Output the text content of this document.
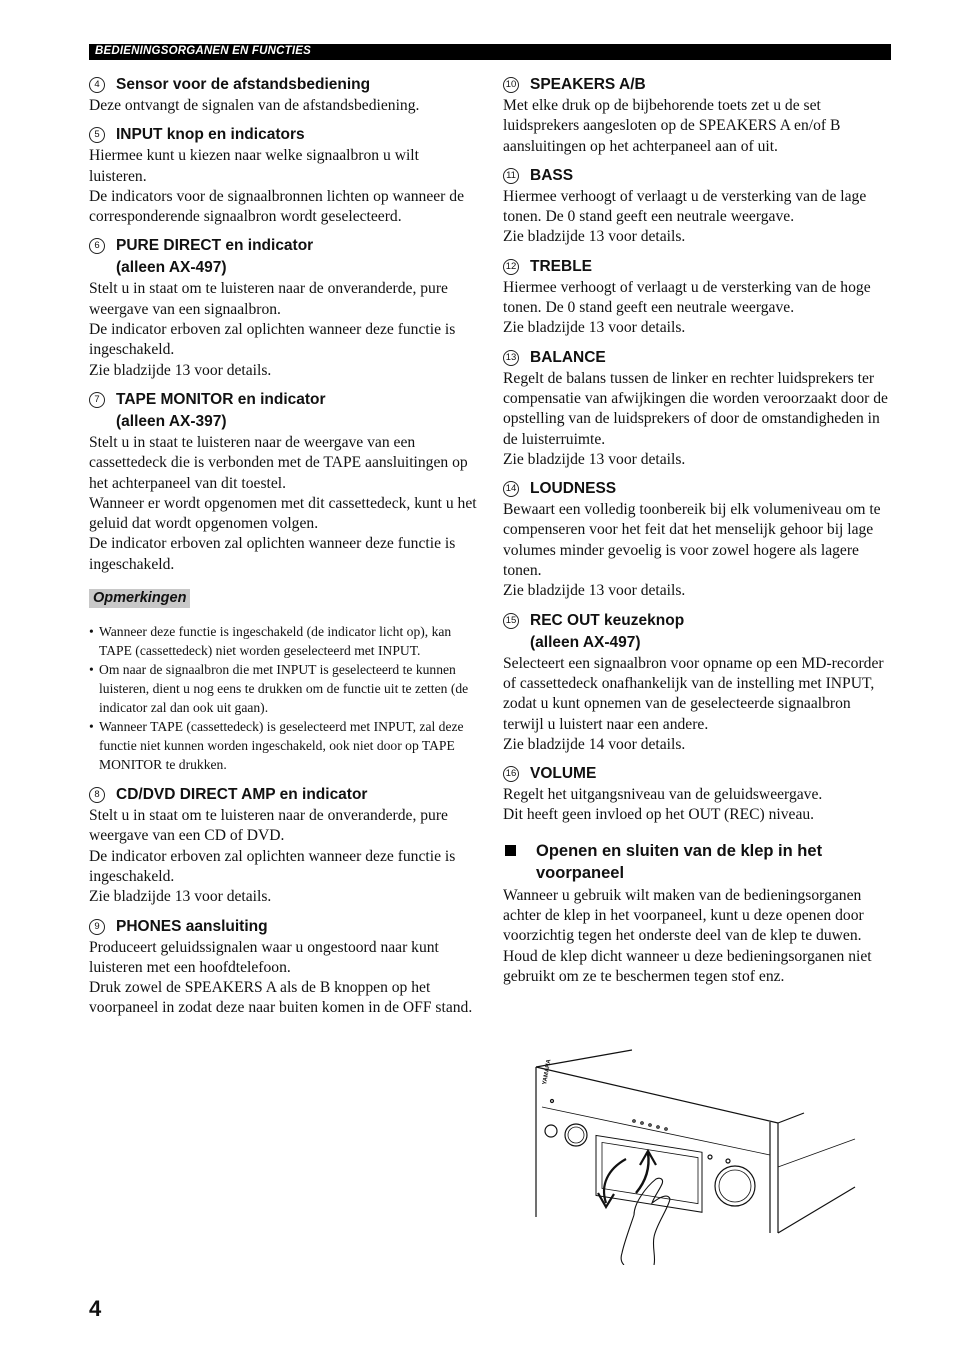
BEDIENINGSORGANEN EN FUNCTIES
4	Sensor voor de afstandsbediening

Deze ontvangt de signalen van de afstandsbediening.

5	INPUT knop en indicators

Hiermee kunt u kiezen naar welke signaalbron u wilt luisteren.

De indicators voor de signaalbronnen lichten op wanneer de corresponderende signaalbron wordt geselecteerd.

6	PURE DIRECT en indicator
(alleen AX-497)

Stelt u in staat om te luisteren naar de onveranderde, pure weergave van een signaalbron.

De indicator erboven zal oplichten wanneer deze functie is ingeschakeld.

Zie bladzijde 13 voor details.

7	TAPE MONITOR en indicator
(alleen AX-397)

Stelt u in staat te luisteren naar de weergave van een cassettedeck die is verbonden met de TAPE aansluitingen op het achterpaneel van dit toestel.

Wanneer er wordt opgenomen met dit cassettedeck, kunt u het geluid dat wordt opgenomen volgen.

De indicator erboven zal oplichten wanneer deze functie is ingeschakeld.

Opmerkingen
• Wanneer deze functie is ingeschakeld (de indicator licht op), kan TAPE (cassettedeck) niet worden geselecteerd met INPUT.
• Om naar de signaalbron die met INPUT is geselecteerd te kunnen luisteren, dient u nog eens te drukken om de functie uit te zetten (de indicator zal dan ook uit gaan).
• Wanneer TAPE (cassettedeck) is geselecteerd met INPUT, zal deze functie niet kunnen worden ingeschakeld, ook niet door op TAPE MONITOR te drukken.
8	CD/DVD DIRECT AMP en indicator

Stelt u in staat om te luisteren naar de onveranderde, pure weergave van een CD of DVD.

De indicator erboven zal oplichten wanneer deze functie is ingeschakeld.

Zie bladzijde 13 voor details.

9	PHONES aansluiting

Produceert geluidssignalen waar u ongestoord naar kunt luisteren met een hoofdtelefoon.

Druk zowel de SPEAKERS A als de B knoppen op het voorpaneel in zodat deze naar buiten komen in de OFF stand.

10 SPEAKERS A/B

Met elke druk op de bijbehorende toets zet u de set luidsprekers aangesloten op de SPEAKERS A en/of B aansluitingen op het achterpaneel aan of uit.

11 BASS

Hiermee verhoogt of verlaagt u de versterking van de lage tonen. De 0 stand geeft een neutrale weergave.

Zie bladzijde 13 voor details.

12 TREBLE

Hiermee verhoogt of verlaagt u de versterking van de hoge tonen. De 0 stand geeft een neutrale weergave.

Zie bladzijde 13 voor details.

13 BALANCE

Regelt de balans tussen de linker en rechter luidsprekers ter compensatie van afwijkingen die worden veroorzaakt door de opstelling van de luidsprekers of door de omstandigheden in de luisterruimte.

Zie bladzijde 13 voor details.

14 LOUDNESS

Bewaart een volledig toonbereik bij elk volumeniveau om te compenseren voor het feit dat het menselijk gehoor bij lage volumes minder gevoelig is voor zowel hogere als lagere tonen.

Zie bladzijde 13 voor details.

15 REC OUT keuzeknop
(alleen AX-497)

Selecteert een signaalbron voor opname op een MD-recorder of cassettedeck onafhankelijk van de instelling met INPUT, zodat u kunt opnemen van de geselecteerde signaalbron terwijl u luistert naar een andere.

Zie bladzijde 14 voor details.

16 VOLUME

Regelt het uitgangsniveau van de geluidsweergave.

Dit heeft geen invloed op het OUT (REC) niveau.

Openen en sluiten van de klep in het voorpaneel

Wanneer u gebruik wilt maken van de bedieningsorganen achter de klep in het voorpaneel, kunt u deze openen door voorzichtig tegen het onderste deel van de klep te duwen. Houd de klep dicht wanneer u deze bedieningsorganen niet gebruikt om ze te beschermen tegen stof enz.

YAMAHA
4
